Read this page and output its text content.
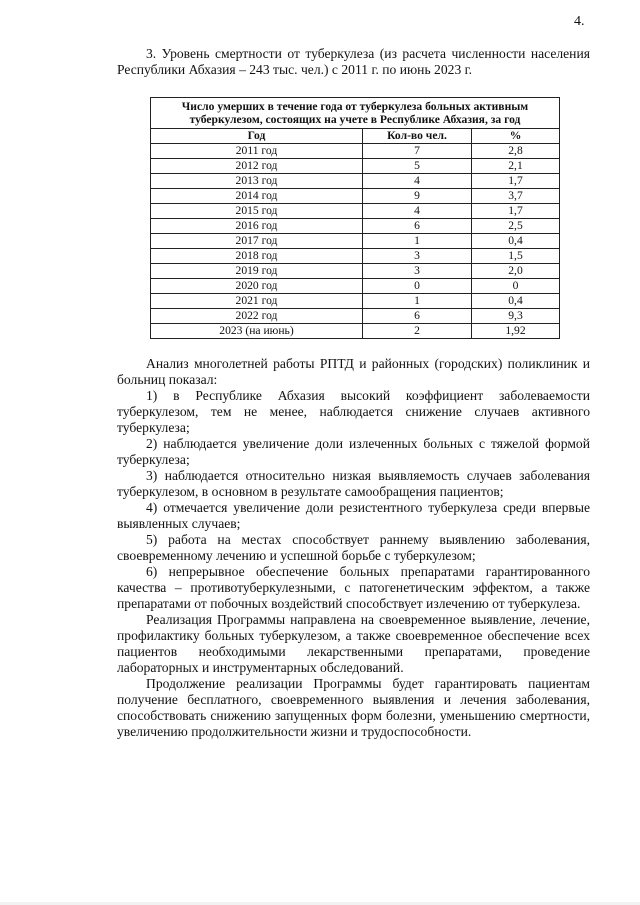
4.

3. Уровень смертности от туберкулеза (из расчета численности населения Республики Абхазия – 243 тыс. чел.) с 2011 г. по июнь 2023 г.

Число умерших в течение года от туберкулеза больных активным туберкулезом, состоящих на учете в Республике Абхазия, за год		
Год	Кол-во чел.	%
2011 год	7	2,8
2012 год	5	2,1
2013 год	4	1,7
2014 год	9	3,7
2015 год	4	1,7
2016 год	6	2,5
2017 год	1	0,4
2018 год	3	1,5
2019 год	3	2,0
2020 год	0	0
2021 год	1	0,4
2022 год	6	9,3
2023 (на июнь)	2	1,92

Анализ многолетней работы РПТД и районных (городских) поликлиник и больниц показал:

1) в Республике Абхазия высокий коэффициент заболеваемости туберкулезом, тем не менее, наблюдается снижение случаев активного туберкулеза;

2) наблюдается увеличение доли излеченных больных с тяжелой формой туберкулеза;

3) наблюдается относительно низкая выявляемость случаев заболевания туберкулезом, в основном в результате самообращения пациентов;

4) отмечается увеличение доли резистентного туберкулеза среди впервые выявленных случаев;

5) работа на местах способствует раннему выявлению заболевания, своевременному лечению и успешной борьбе с туберкулезом;

6) непрерывное обеспечение больных препаратами гарантированного качества – противотуберкулезными, с патогенетическим эффектом, а также препаратами от побочных воздействий способствует излечению от туберкулеза.

Реализация Программы направлена на своевременное выявление, лечение, профилактику больных туберкулезом, а также своевременное обеспечение всех пациентов необходимыми лекарственными препаратами, проведение лабораторных и инструментарных обследований.

Продолжение реализации Программы будет гарантировать пациентам получение бесплатного, своевременного выявления и лечения заболевания, способствовать снижению запущенных форм болезни, уменьшению смертности, увеличению продолжительности жизни и трудоспособности.
